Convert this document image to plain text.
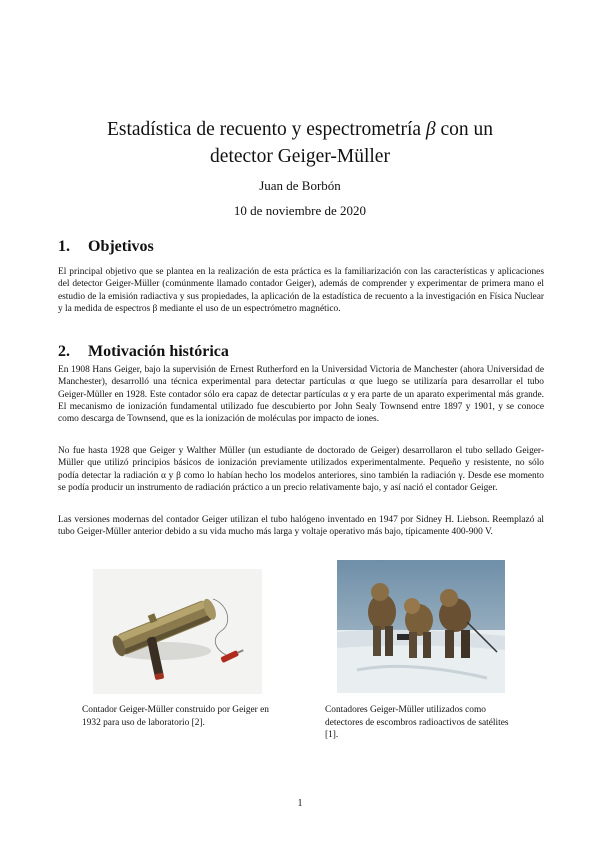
Estadística de recuento y espectrometría β con un
detector Geiger-Müller
Juan de Borbón
10 de noviembre de 2020
1. Objetivos

El principal objetivo que se plantea en la realización de esta práctica es la familiarización con las características y aplicaciones del detector Geiger-Müller (comúnmente llamado contador Geiger), además de comprender y experimentar de primera mano el estudio de la emisión radiactiva y sus propiedades, la aplicación de la estadística de recuento a la investigación en Física Nuclear y la medida de espectros β mediante el uso de un espectrómetro magnético.

2. Motivación histórica

En 1908 Hans Geiger, bajo la supervisión de Ernest Rutherford en la Universidad Victoria de Manchester (ahora Universidad de Manchester), desarrolló una técnica experimental para detectar partículas α que luego se utilizaría para desarrollar el tubo Geiger-Müller en 1928. Este contador sólo era capaz de detectar partículas α y era parte de un aparato experimental más grande. El mecanismo de ionización fundamental utilizado fue descubierto por John Sealy Townsend entre 1897 y 1901, y se conoce como descarga de Townsend, que es la ionización de moléculas por impacto de iones.

No fue hasta 1928 que Geiger y Walther Müller (un estudiante de doctorado de Geiger) desarrollaron el tubo sellado Geiger-Müller que utilizó principios básicos de ionización previamente utilizados experimentalmente. Pequeño y resistente, no sólo podía detectar la radiación α y β como lo habían hecho los modelos anteriores, sino también la radiación γ. Desde ese momento se podía producir un instrumento de radiación práctico a un precio relativamente bajo, y así nació el contador Geiger.

Las versiones modernas del contador Geiger utilizan el tubo halógeno inventado en 1947 por Sidney H. Liebson. Reemplazó al tubo Geiger-Müller anterior debido a su vida mucho más larga y voltaje operativo más bajo, típicamente 400-900 V.

Contador Geiger-Müller construido por Geiger en 1932 para uso de laboratorio [2].
Contadores Geiger-Müller utilizados como detectores de escombros radioactivos de satélites [1].
1
